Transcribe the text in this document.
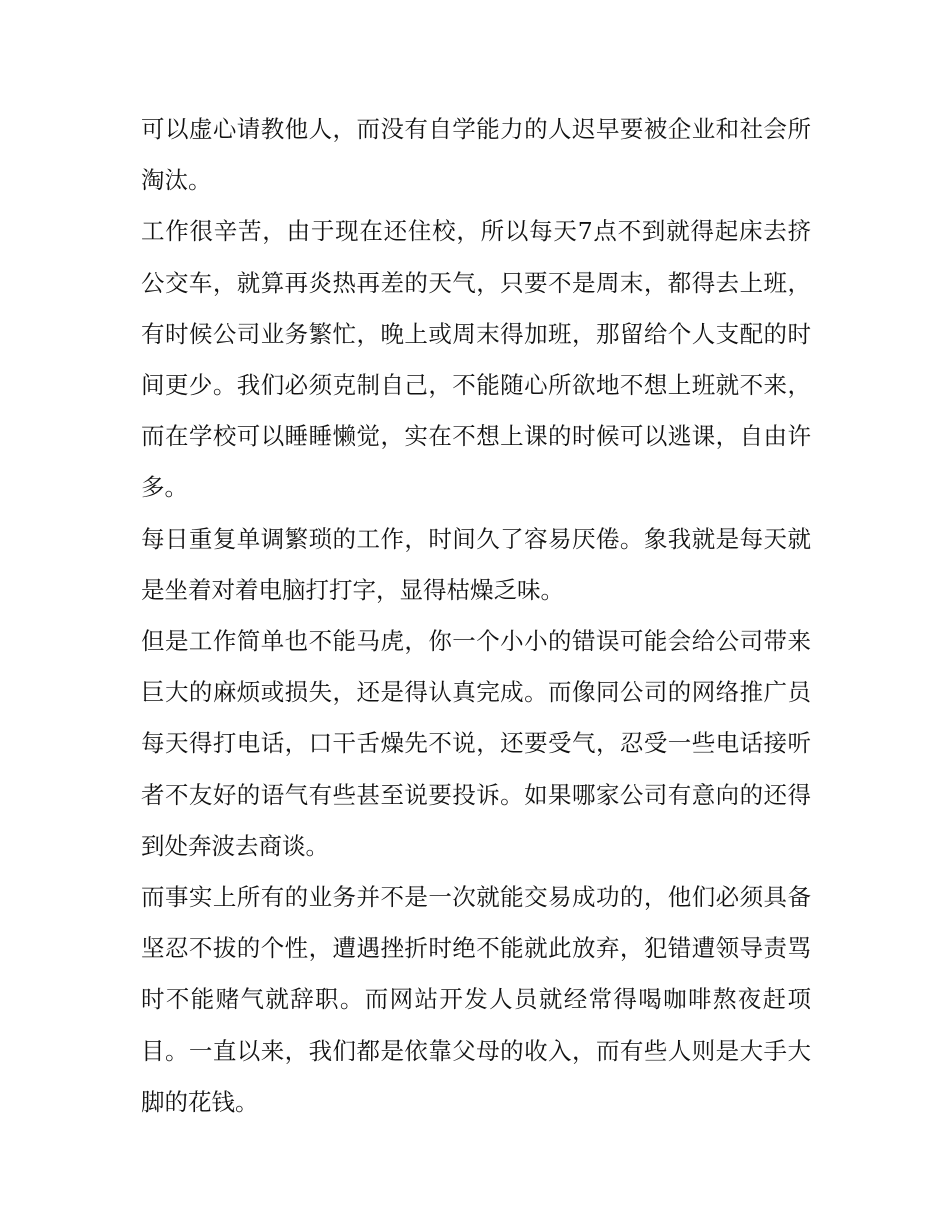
可以虚心请教他人，而没有自学能力的人迟早要被企业和社会所淘汰。

工作很辛苦，由于现在还住校，所以每天7点不到就得起床去挤公交车，就算再炎热再差的天气，只要不是周末，都得去上班，有时候公司业务繁忙，晚上或周末得加班，那留给个人支配的时间更少。我们必须克制自己，不能随心所欲地不想上班就不来，而在学校可以睡睡懒觉，实在不想上课的时候可以逃课，自由许多。

每日重复单调繁琐的工作，时间久了容易厌倦。象我就是每天就是坐着对着电脑打打字，显得枯燥乏味。

但是工作简单也不能马虎，你一个小小的错误可能会给公司带来巨大的麻烦或损失，还是得认真完成。而像同公司的网络推广员每天得打电话，口干舌燥先不说，还要受气，忍受一些电话接听者不友好的语气有些甚至说要投诉。如果哪家公司有意向的还得到处奔波去商谈。

而事实上所有的业务并不是一次就能交易成功的，他们必须具备坚忍不拔的个性，遭遇挫折时绝不能就此放弃，犯错遭领导责骂时不能赌气就辞职。而网站开发人员就经常得喝咖啡熬夜赶项目。一直以来，我们都是依靠父母的收入，而有些人则是大手大脚的花钱。
